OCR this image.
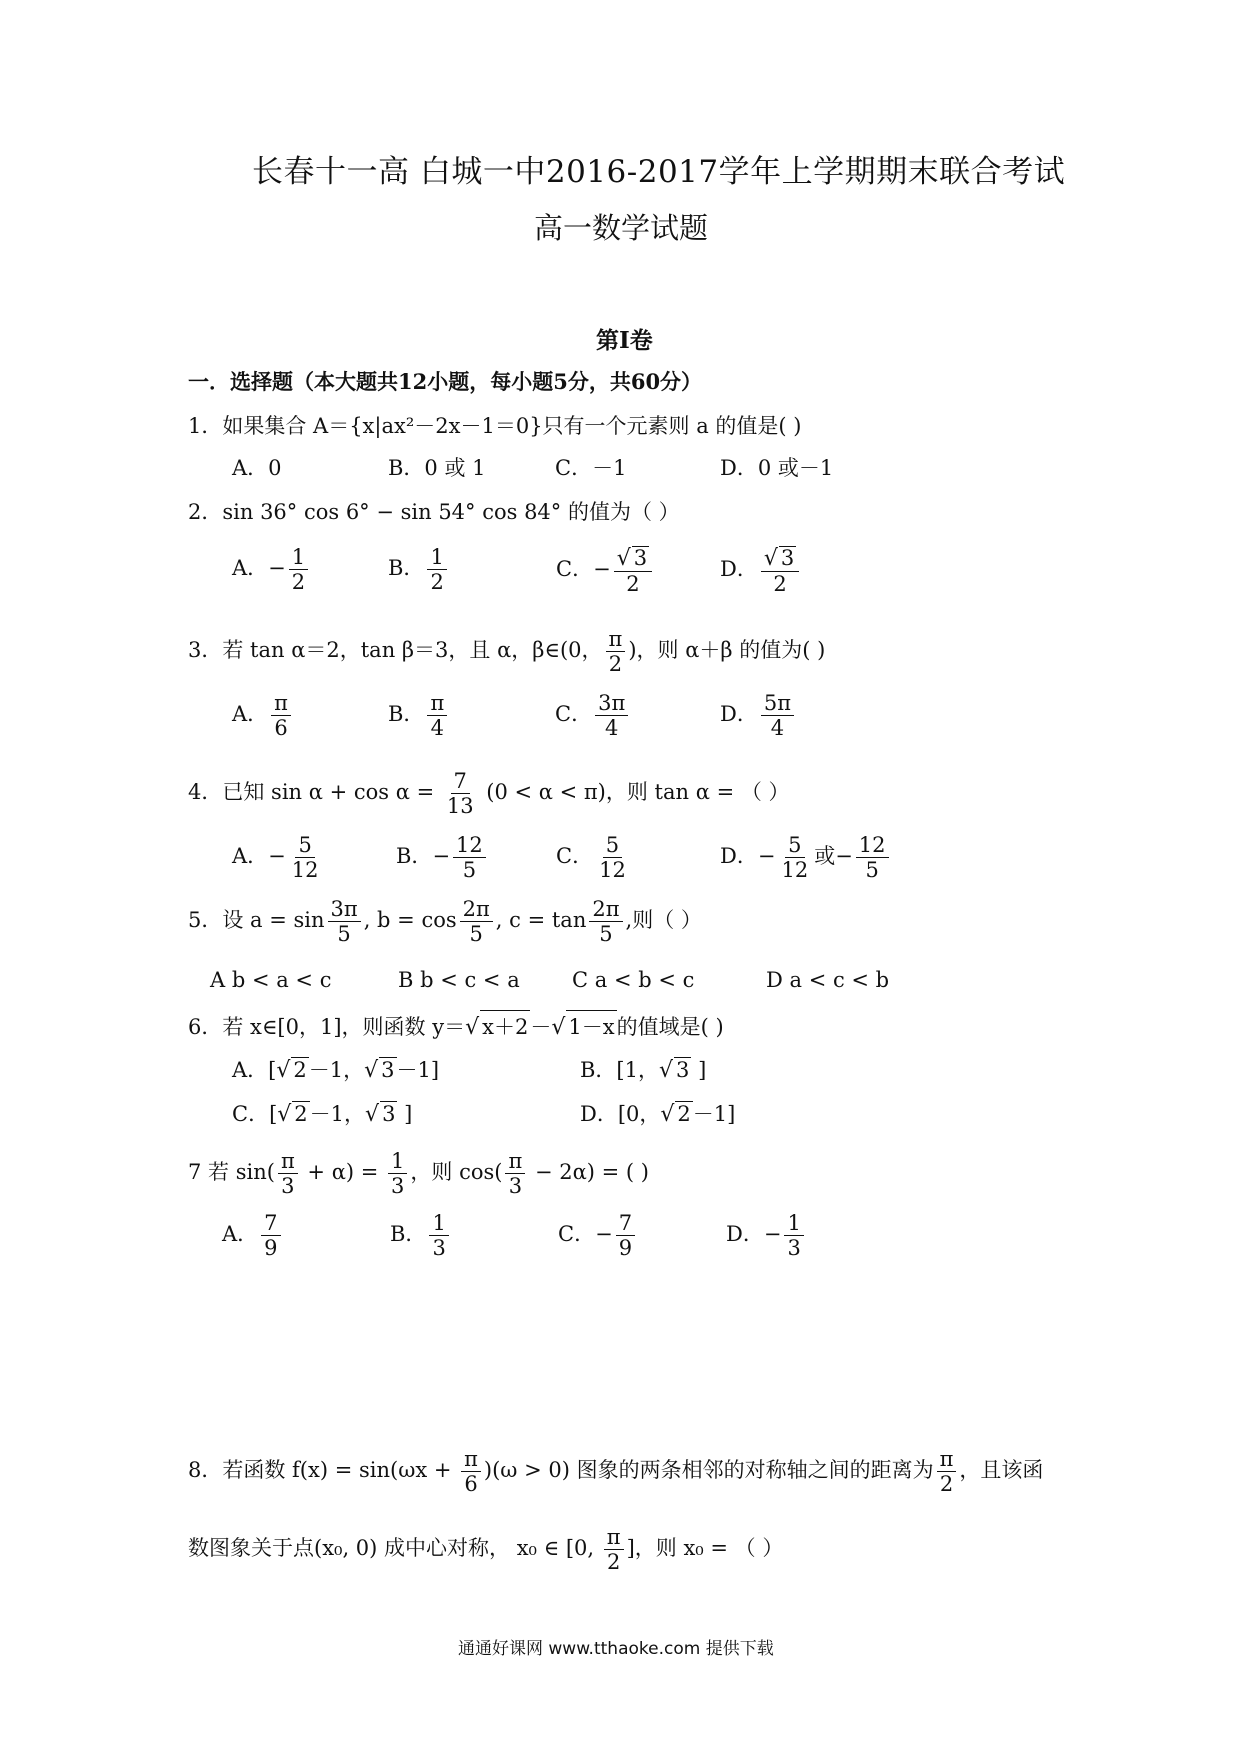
长春十一高 白城一中2016-2017学年上学期期末联合考试
高一数学试题
第Ⅰ卷
一．选择题（本大题共12小题，每小题5分，共60分）
1．如果集合 A＝{x|ax²－2x－1＝0}只有一个元素则 a 的值是( )
A．0	B．0 或 1	C．－1	D．0 或－1
2．sin 36° cos 6° − sin 54° cos 84° 的值为（ ）
A．− $\frac{1}{2}$	B． $\frac{1}{2}$	C．− $\frac{√ 3}{2}$	D． $\frac{√ 3}{2}$
3．若 tan α＝2，tan β＝3，且 α，β∈(0， $\frac{\pi}{2}$ )，则 α＋β 的值为( )
A． $\frac{\pi}{6}$	B． $\frac{\pi}{4}$	C． $\frac{3\pi}{4}$	D． $\frac{5\pi}{4}$
4．已知 $\sin \alpha + \cos \alpha = \frac{7}{13} (0 < \alpha < \pi)$，则 tan α = （ ）
A．− $\frac{5}{12}$	B．− $\frac{12}{5}$	C． $\frac{5}{12}$	D．− $\frac{5}{12}$ 或− $\frac{12}{5}$
5．设 $a = \sin \frac{3\pi}{5}$ , $b = \cos \frac{2\pi}{5}$ , $c = \tan \frac{2\pi}{5}$ ,则（ ）
A b < a < c	B b < c < a C a < b < c	D a < c < b
6．若 x∈[0，1]，则函数 y＝√ x＋2－√ 1－x的值域是( )
A．[√ 2－1，√ 3－1]	B．[1，√ 3 ]
C．[√ 2－1，√ 3 ]	D．[0，√ 2－1]
7 若 $\sin( \frac{\pi}{3} + \alpha) = \frac{1}{3}$ ，则 $\cos( \frac{\pi}{3} - 2\alpha)$ = ( )
A． $\frac{7}{9}$	B． $\frac{1}{3}$	C．− $\frac{7}{9}$	D．− $\frac{1}{3}$
8．若函数 $f(x) = \sin(\omega x + \frac{\pi}{6} )(\omega > 0)$ 图象的两条相邻的对称轴之间的距离为 $\frac{\pi}{2}$ ，且该函
数图象关于点(x₀, 0) 成中心对称， x₀ ∈ [0, $\frac{\pi}{2}$ ]，则 x₀ = （ ）
通通好课网 www.tthaoke.com 提供下载
